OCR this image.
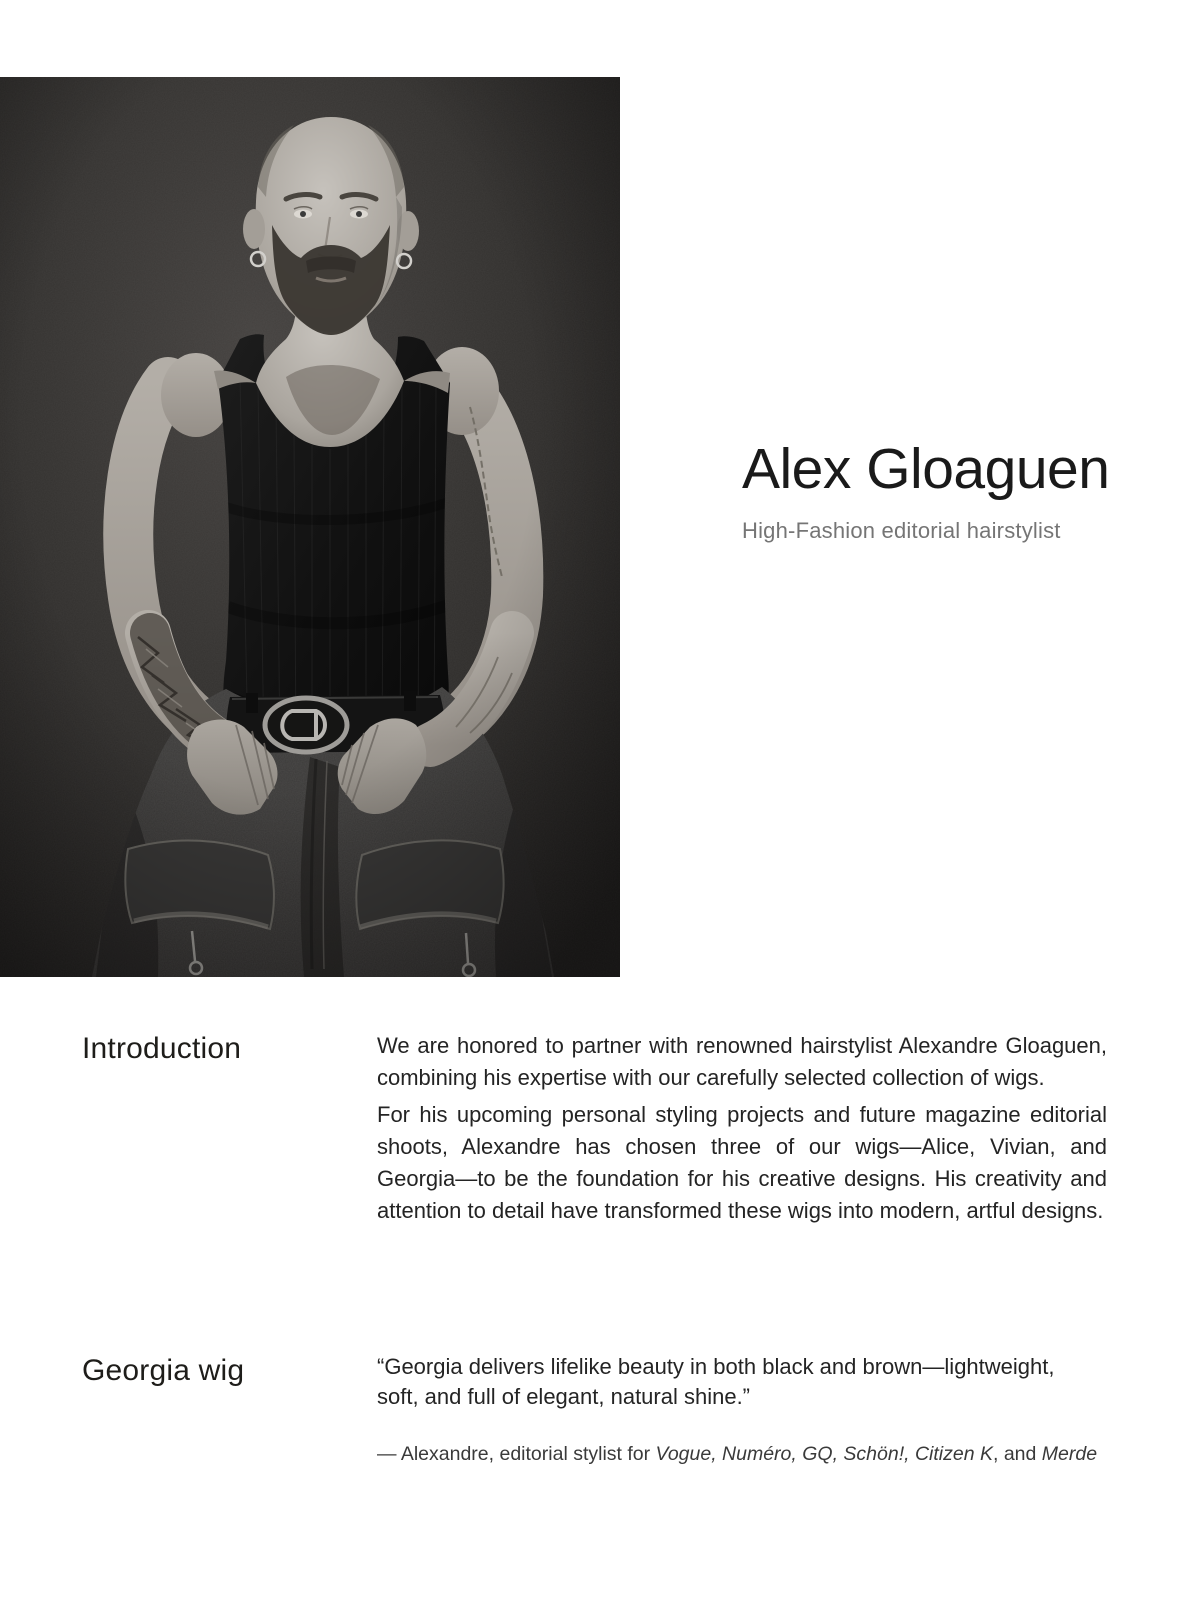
Alex Gloaguen

High-Fashion editorial hairstylist

Introduction	We are honored to partner with renowned hairstylist Alexandre Gloaguen, combining his expertise with our carefully selected collection of wigs.

For his upcoming personal styling projects and future magazine editorial shoots, Alexandre has chosen three of our wigs—Alice, Vivian, and Georgia—to be the foundation for his creative designs. His creativity and attention to detail have transformed these wigs into modern, artful designs.

Georgia wig	“Georgia delivers lifelike beauty in both black and brown—lightweight, soft, and full of elegant, natural shine.”

— Alexandre, editorial stylist for Vogue, Numéro, GQ, Schön!, Citizen K, and Merde
